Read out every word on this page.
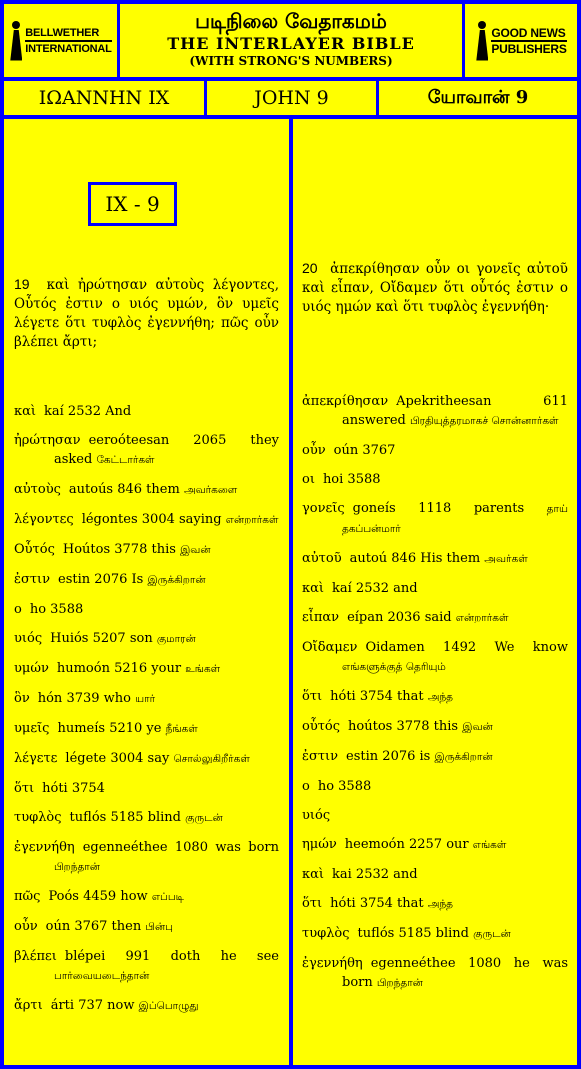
BELLWETHER
INTERNATIONAL
படிநிலை வேதாகமம்
THE INTERLAYER BIBLE
(WITH STRONG'S NUMBERS)
GOOD NEWS
PUBLISHERS
ΙΩΑΝΝΗΝ IX	JOHN 9	யோவான் 9
IX - 9
19 καὶ ἠρώτησαν αὐτοὺς λέγοντες, Οὗτός ἐστιν ο υιός υμών, ὃν υμεῖς λέγετε ὅτι τυφλὸς ἐγεννήθη; πῶς οὖν βλέπει ἄρτι;
καὶ kaí 2532 And
ἠρώτησαν eeroóteesan 2065 they asked கேட்டார்கள்
αὐτοὺς autoús 846 them அவர்களை
λέγοντες légontes 3004 saying என்றார்கள்
Οὗτός Hoútos 3778 this இவன்
ἐστιν estin 2076 Is இருக்கிறான்
ο ho 3588
υιός Huiós 5207 son குமாரன்
υμών humoón 5216 your உங்கள்
ὃν hón 3739 who யார்
υμεῖς humeís 5210 ye நீங்கள்
λέγετε légete 3004 say சொல்லுகிறீர்கள்
ὅτι hóti 3754
τυφλὸς tuflós 5185 blind குருடன்
ἐγεννήθη egenneéthee 1080 was born பிறந்தான்
πῶς Poós 4459 how எப்படி
οὖν oún 3767 then பின்பு
βλέπει blépei 991 doth he see பார்வையடைந்தான்
ἄρτι árti 737 now இப்பொழுது
20 ἀπεκρίθησαν οὖν οι γονεῖς αὐτοῦ καὶ εἶπαν, Οἴδαμεν ὅτι οὗτός ἐστιν ο υιός ημών καὶ ὅτι τυφλὸς ἐγεννήθη·
ἀπεκρίθησαν Apekritheesan 611 answered பிரதியுத்தரமாகச் சொன்னார்கள்
οὖν oún 3767
οι hoi 3588
γονεῖς goneís 1118 parents தாய் தகப்பன்மார்
αὐτοῦ autoú 846 His them அவர்கள்
καὶ kaí 2532 and
εἶπαν eípan 2036 said என்றார்கள்
Οἴδαμεν Oidamen 1492 We know எங்களுக்குத் தெரியும்
ὅτι hóti 3754 that அந்த
οὗτός hoútos 3778 this இவன்
ἐστιν estin 2076 is இருக்கிறான்
ο ho 3588
υιός
ημών heemoón 2257 our எங்கள்
καὶ kai 2532 and
ὅτι hóti 3754 that அந்த
τυφλὸς tuflós 5185 blind குருடன்
ἐγεννήθη egenneéthee 1080 he was born பிறந்தான்
